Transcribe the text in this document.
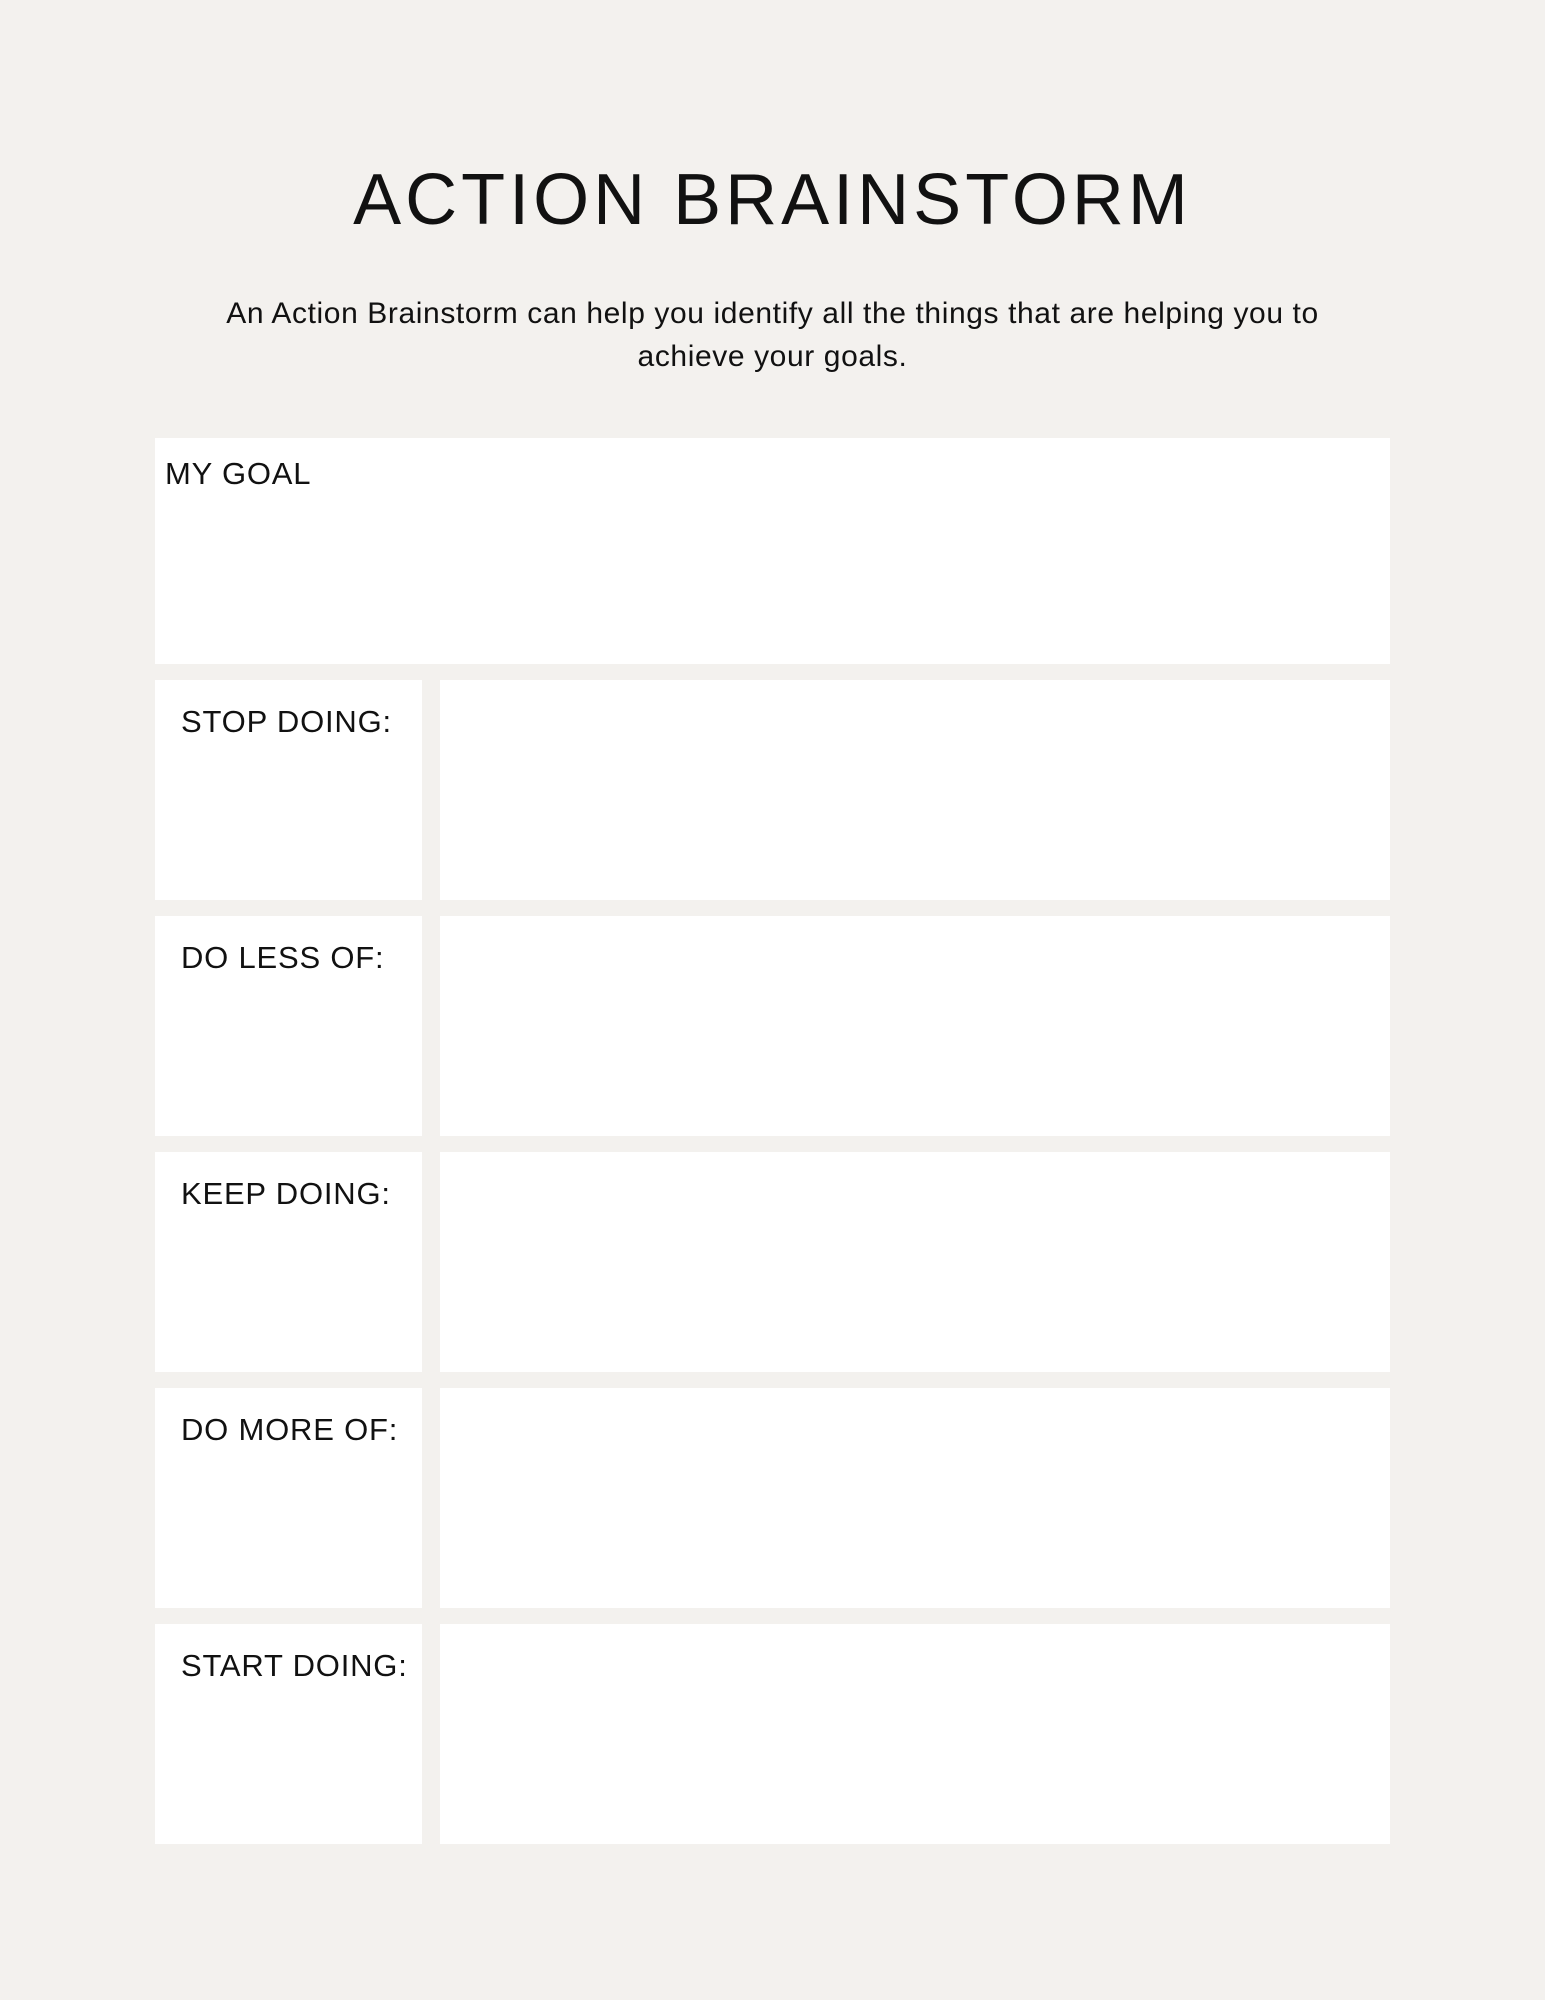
ACTION BRAINSTORM

An Action Brainstorm can help you identify all the things that are helping you to achieve your goals.

MY GOAL
STOP DOING:
DO LESS OF:
KEEP DOING:
DO MORE OF:
START DOING:
